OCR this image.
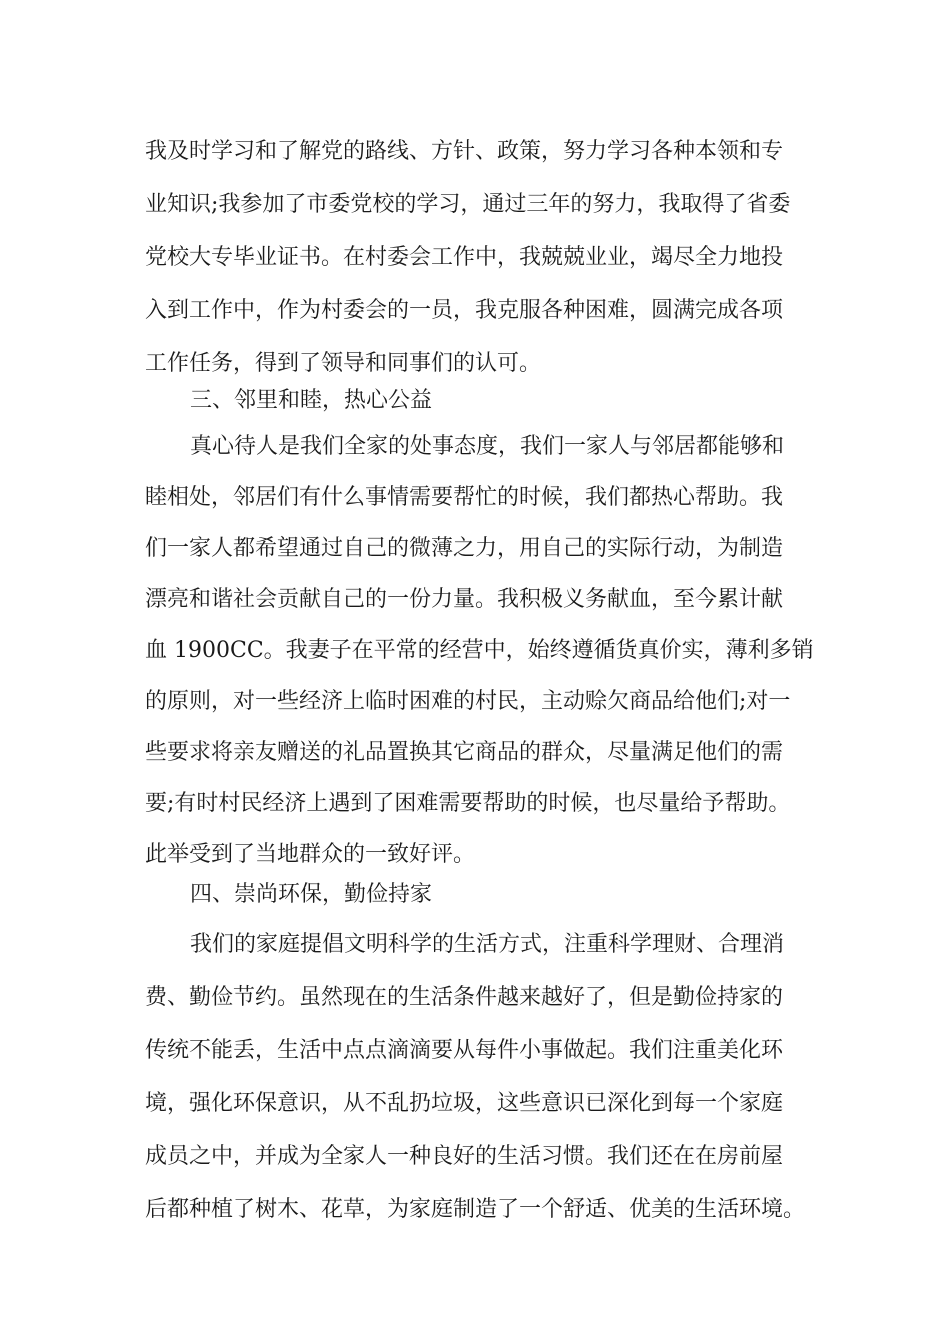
我及时学习和了解党的路线、方针、政策，努力学习各种本领和专
业知识;我参加了市委党校的学习，通过三年的努力，我取得了省委
党校大专毕业证书。在村委会工作中，我兢兢业业，竭尽全力地投
入到工作中，作为村委会的一员，我克服各种困难，圆满完成各项
工作任务，得到了领导和同事们的认可。
三、邻里和睦，热心公益
真心待人是我们全家的处事态度，我们一家人与邻居都能够和
睦相处，邻居们有什么事情需要帮忙的时候，我们都热心帮助。我
们一家人都希望通过自己的微薄之力，用自己的实际行动，为制造
漂亮和谐社会贡献自己的一份力量。我积极义务献血，至今累计献
血 1900CC。我妻子在平常的经营中，始终遵循货真价实，薄利多销
的原则，对一些经济上临时困难的村民，主动赊欠商品给他们;对一
些要求将亲友赠送的礼品置换其它商品的群众，尽量满足他们的需
要;有时村民经济上遇到了困难需要帮助的时候，也尽量给予帮助。
此举受到了当地群众的一致好评。
四、崇尚环保，勤俭持家
我们的家庭提倡文明科学的生活方式，注重科学理财、合理消
费、勤俭节约。虽然现在的生活条件越来越好了，但是勤俭持家的
传统不能丢，生活中点点滴滴要从每件小事做起。我们注重美化环
境，强化环保意识，从不乱扔垃圾，这些意识已深化到每一个家庭
成员之中，并成为全家人一种良好的生活习惯。我们还在在房前屋
后都种植了树木、花草，为家庭制造了一个舒适、优美的生活环境。
